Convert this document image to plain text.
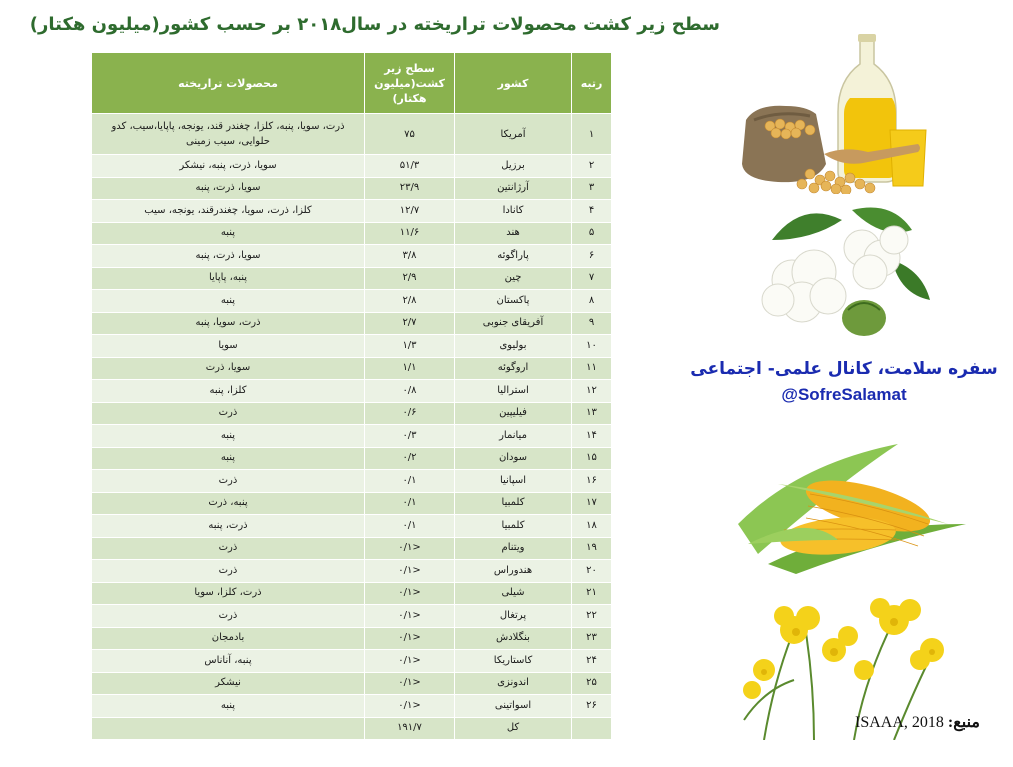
سطح زیر کشت محصولات تراریخته در سال۲۰۱۸ بر حسب کشور(میلیون هکتار)
رتبه	کشور	سطح زیر کشت(میلیون هکتار)	محصولات تراریخته
۱	آمریکا	۷۵	ذرت، سویا، پنبه، کلزا، چغندر قند، یونجه، پاپایا،سیب، کدو حلوایی، سیب زمینی
۲	برزیل	۵۱/۳	سویا، ذرت، پنبه، نیشکر
۳	آرژانتین	۲۳/۹	سویا، ذرت، پنبه
۴	کانادا	۱۲/۷	کلزا، ذرت، سویا، چغندرقند، یونجه، سیب
۵	هند	۱۱/۶	پنبه
۶	پاراگوئه	۳/۸	سویا، ذرت، پنبه
۷	چین	۲/۹	پنبه، پاپایا
۸	پاکستان	۲/۸	پنبه
۹	آفریقای جنوبی	۲/۷	ذرت، سویا، پنبه
۱۰	بولیوی	۱/۳	سویا
۱۱	اروگوئه	۱/۱	سویا، ذرت
۱۲	استرالیا	۰/۸	کلزا، پنبه
۱۳	فیلیپین	۰/۶	ذرت
۱۴	میانمار	۰/۳	پنبه
۱۵	سودان	۰/۲	پنبه
۱۶	اسپانیا	۰/۱	ذرت
۱۷	کلمبیا	۰/۱	پنبه، ذرت
۱۸	کلمبیا	۰/۱	ذرت، پنبه
۱۹	ویتنام	<۰/۱	ذرت
۲۰	هندوراس	<۰/۱	ذرت
۲۱	شیلی	<۰/۱	ذرت، کلزا، سویا
۲۲	پرتغال	<۰/۱	ذرت
۲۳	بنگلادش	<۰/۱	بادمجان
۲۴	کاستاریکا	<۰/۱	پنبه، آناناس
۲۵	اندونزی	<۰/۱	نیشکر
۲۶	اسواتینی	<۰/۱	پنبه
	کل	۱۹۱/۷	
سفره سلامت، کانال علمی- اجتماعی
@SofreSalamat
منبع: ISAAA, 2018
